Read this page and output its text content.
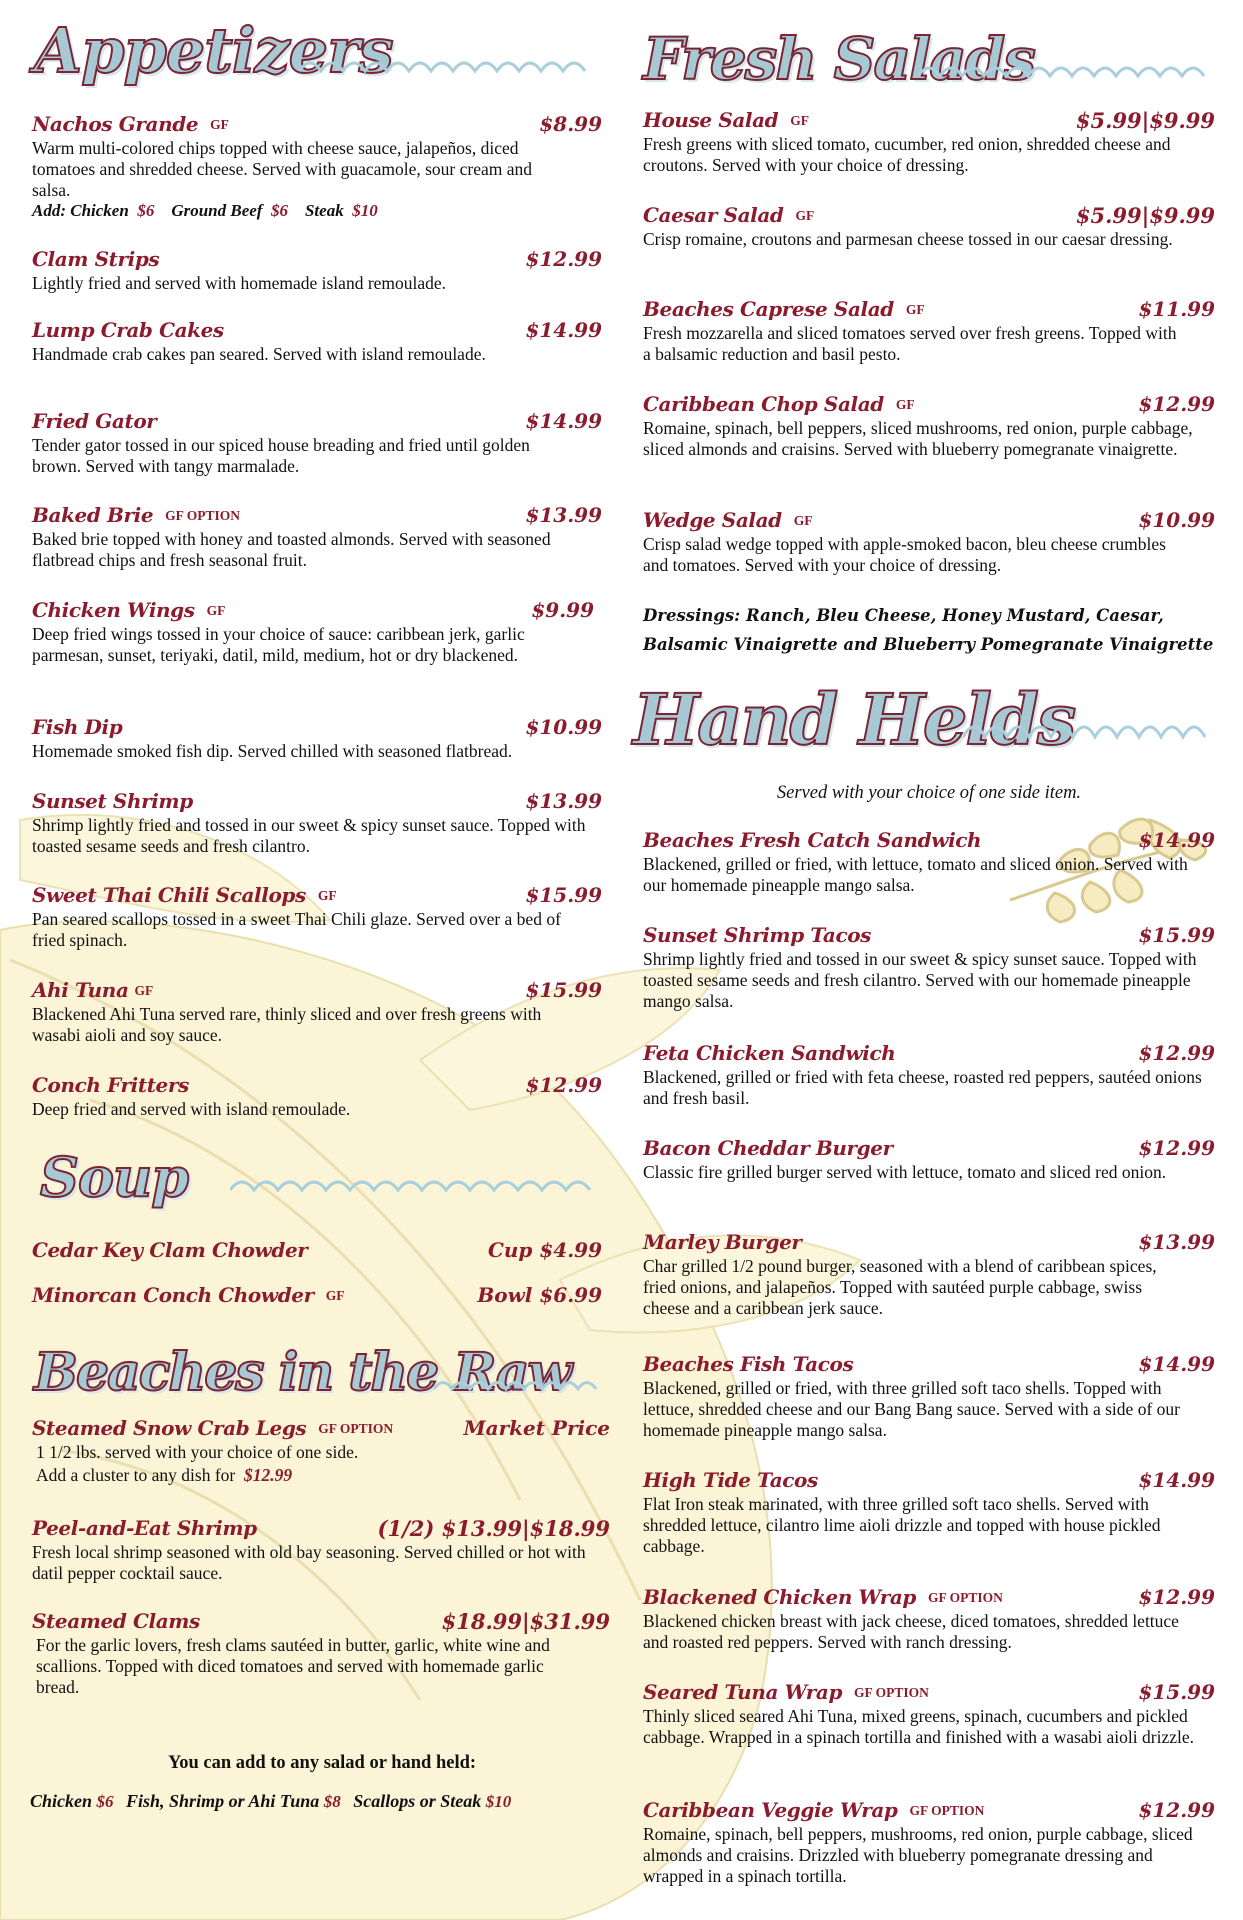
Appetizers
Nachos Grande GF	$8.99
Warm multi-colored chips topped with cheese sauce, jalapeños, diced tomatoes and shredded cheese. Served with guacamole, sour cream and salsa.
Add: Chicken $6 Ground Beef $6 Steak $10
Clam Strips	$12.99
Lightly fried and served with homemade island remoulade.
Lump Crab Cakes	$14.99
Handmade crab cakes pan seared. Served with island remoulade.
Fried Gator	$14.99
Tender gator tossed in our spiced house breading and fried until golden brown. Served with tangy marmalade.
Baked Brie GF OPTION	$13.99
Baked brie topped with honey and toasted almonds. Served with seasoned flatbread chips and fresh seasonal fruit.
Chicken Wings GF	$9.99
Deep fried wings tossed in your choice of sauce: caribbean jerk, garlic parmesan, sunset, teriyaki, datil, mild, medium, hot or dry blackened.
Fish Dip	$10.99
Homemade smoked fish dip. Served chilled with seasoned flatbread.
Sunset Shrimp	$13.99
Shrimp lightly fried and tossed in our sweet & spicy sunset sauce. Topped with toasted sesame seeds and fresh cilantro.
Sweet Thai Chili Scallops GF	$15.99
Pan seared scallops tossed in a sweet Thai Chili glaze. Served over a bed of fried spinach.
Ahi Tuna GF	$15.99
Blackened Ahi Tuna served rare, thinly sliced and over fresh greens with wasabi aioli and soy sauce.
Conch Fritters	$12.99
Deep fried and served with island remoulade.
Soup
Cedar Key Clam Chowder	Cup $4.99
Minorcan Conch Chowder GF	Bowl $6.99
Beaches in the Raw
Steamed Snow Crab Legs GF OPTION	Market Price
1 1/2 lbs. served with your choice of one side.
Add a cluster to any dish for $12.99
Peel-and-Eat Shrimp	(1/2) $13.99|$18.99
Fresh local shrimp seasoned with old bay seasoning. Served chilled or hot with datil pepper cocktail sauce.
Steamed Clams	$18.99|$31.99
For the garlic lovers, fresh clams sautéed in butter, garlic, white wine and scallions. Topped with diced tomatoes and served with homemade garlic bread.
You can add to any salad or hand held:
Chicken $6 Fish, Shrimp or Ahi Tuna $8 Scallops or Steak $10
Fresh Salads
House Salad GF	$5.99|$9.99
Fresh greens with sliced tomato, cucumber, red onion, shredded cheese and croutons. Served with your choice of dressing.
Caesar Salad GF	$5.99|$9.99
Crisp romaine, croutons and parmesan cheese tossed in our caesar dressing.
Beaches Caprese Salad GF	$11.99
Fresh mozzarella and sliced tomatoes served over fresh greens. Topped with a balsamic reduction and basil pesto.
Caribbean Chop Salad GF	$12.99
Romaine, spinach, bell peppers, sliced mushrooms, red onion, purple cabbage, sliced almonds and craisins. Served with blueberry pomegranate vinaigrette.
Wedge Salad GF	$10.99
Crisp salad wedge topped with apple-smoked bacon, bleu cheese crumbles and tomatoes. Served with your choice of dressing.
Dressings: Ranch, Bleu Cheese, Honey Mustard, Caesar,
Balsamic Vinaigrette and Blueberry Pomegranate Vinaigrette
Hand Helds
Served with your choice of one side item.
Beaches Fresh Catch Sandwich	$14.99
Blackened, grilled or fried, with lettuce, tomato and sliced onion. Served with our homemade pineapple mango salsa.
Sunset Shrimp Tacos	$15.99
Shrimp lightly fried and tossed in our sweet & spicy sunset sauce. Topped with toasted sesame seeds and fresh cilantro. Served with our homemade pineapple mango salsa.
Feta Chicken Sandwich	$12.99
Blackened, grilled or fried with feta cheese, roasted red peppers, sautéed onions and fresh basil.
Bacon Cheddar Burger	$12.99
Classic fire grilled burger served with lettuce, tomato and sliced red onion.
Marley Burger	$13.99
Char grilled 1/2 pound burger, seasoned with a blend of caribbean spices, fried onions, and jalapeños. Topped with sautéed purple cabbage, swiss cheese and a caribbean jerk sauce.
Beaches Fish Tacos	$14.99
Blackened, grilled or fried, with three grilled soft taco shells. Topped with lettuce, shredded cheese and our Bang Bang sauce. Served with a side of our homemade pineapple mango salsa.
High Tide Tacos	$14.99
Flat Iron steak marinated, with three grilled soft taco shells. Served with shredded lettuce, cilantro lime aioli drizzle and topped with house pickled cabbage.
Blackened Chicken Wrap GF OPTION	$12.99
Blackened chicken breast with jack cheese, diced tomatoes, shredded lettuce and roasted red peppers. Served with ranch dressing.
Seared Tuna Wrap GF OPTION	$15.99
Thinly sliced seared Ahi Tuna, mixed greens, spinach, cucumbers and pickled cabbage. Wrapped in a spinach tortilla and finished with a wasabi aioli drizzle.
Caribbean Veggie Wrap GF OPTION	$12.99
Romaine, spinach, bell peppers, mushrooms, red onion, purple cabbage, sliced almonds and craisins. Drizzled with blueberry pomegranate dressing and wrapped in a spinach tortilla.
